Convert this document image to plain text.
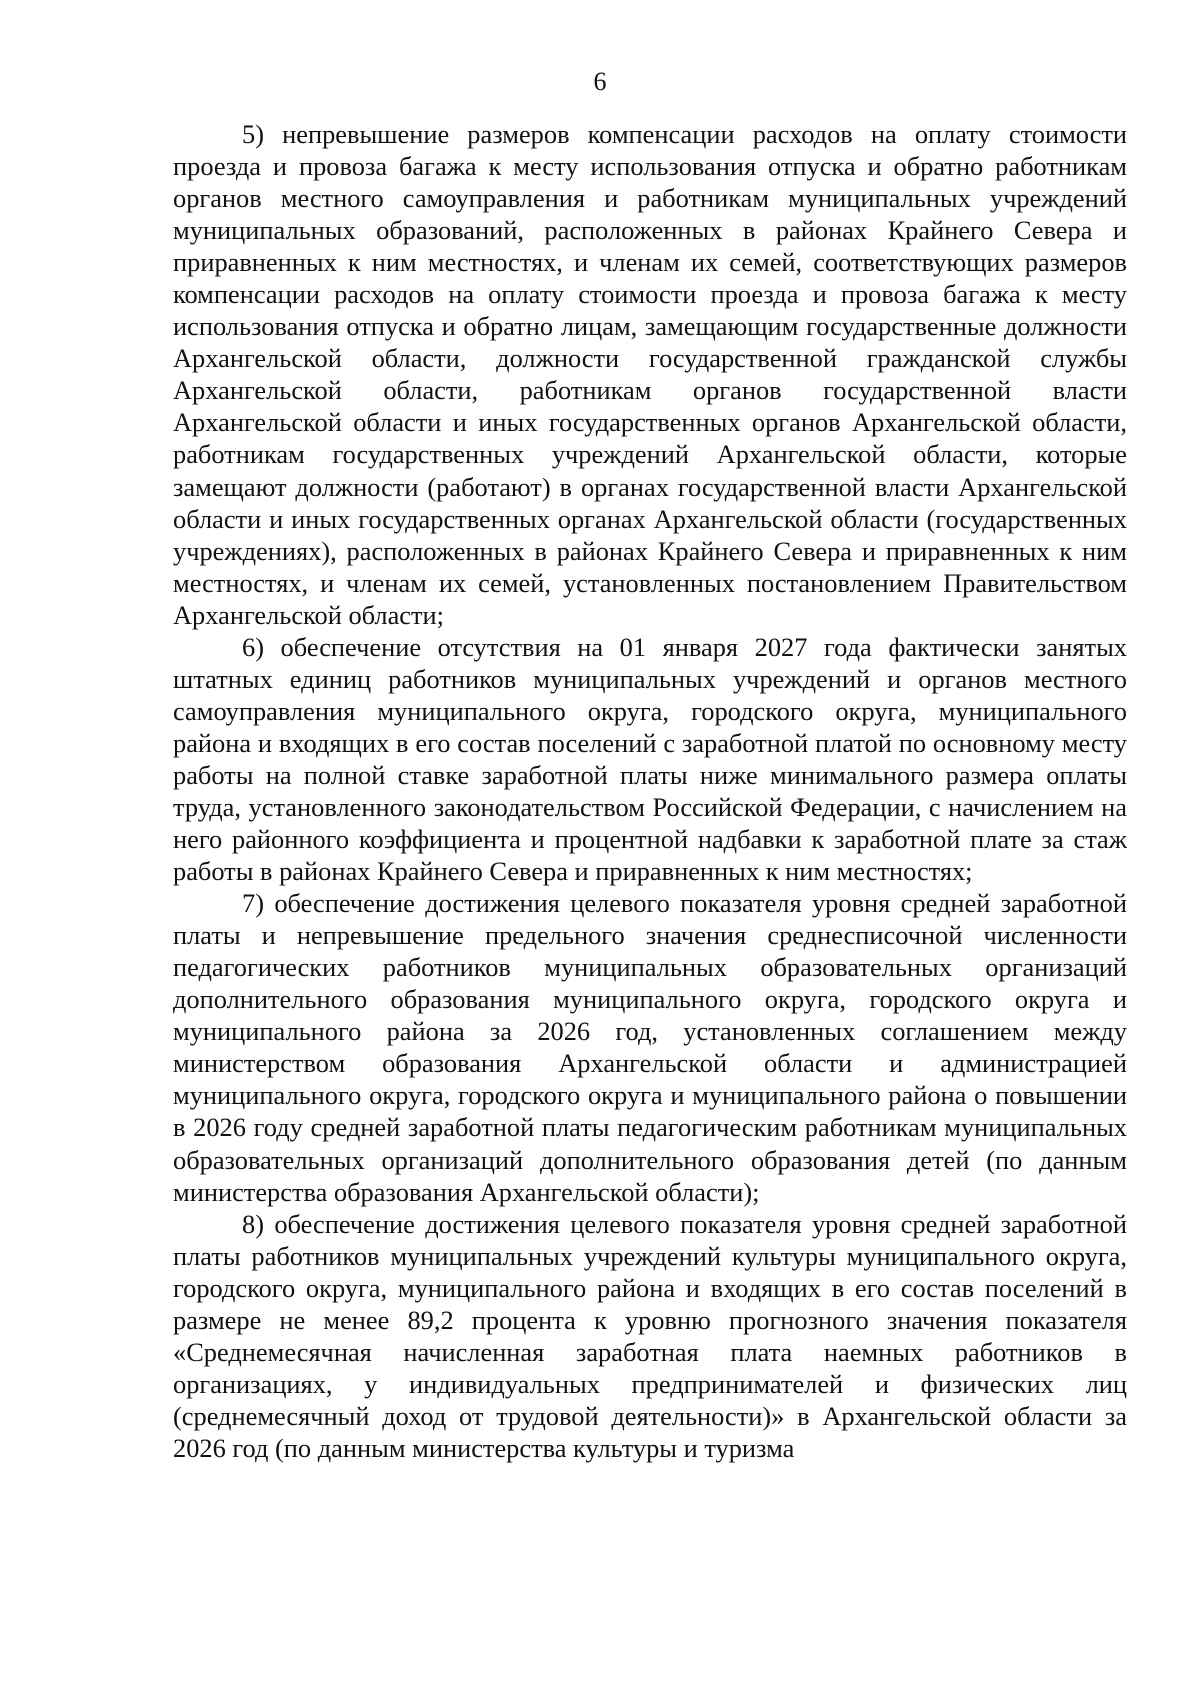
6

5) непревышение размеров компенсации расходов на оплату стоимости проезда и провоза багажа к месту использования отпуска и обратно работникам органов местного самоуправления и работникам муниципальных учреждений муниципальных образований, расположенных в районах Крайнего Севера и приравненных к ним местностях, и членам их семей, соответствующих размеров компенсации расходов на оплату стоимости проезда и провоза багажа к месту использования отпуска и обратно лицам, замещающим государственные должности Архангельской области, должности государственной гражданской службы Архангельской области, работникам органов государственной власти Архангельской области и иных государственных органов Архангельской области, работникам государственных учреждений Архангельской области, которые замещают должности (работают) в органах государственной власти Архангельской области и иных государственных органах Архангельской области (государственных учреждениях), расположенных в районах Крайнего Севера и приравненных к ним местностях, и членам их семей, установленных постановлением Правительством Архангельской области;

6) обеспечение отсутствия на 01 января 2027 года фактически занятых штатных единиц работников муниципальных учреждений и органов местного самоуправления муниципального округа, городского округа, муниципального района и входящих в его состав поселений с заработной платой по основному месту работы на полной ставке заработной платы ниже минимального размера оплаты труда, установленного законодательством Российской Федерации, с начислением на него районного коэффициента и процентной надбавки к заработной плате за стаж работы в районах Крайнего Севера и приравненных к ним местностях;

7) обеспечение достижения целевого показателя уровня средней заработной платы и непревышение предельного значения среднесписочной численности педагогических работников муниципальных образовательных организаций дополнительного образования муниципального округа, городского округа и муниципального района за 2026 год, установленных соглашением между министерством образования Архангельской области и администрацией муниципального округа, городского округа и муниципального района о повышении в 2026 году средней заработной платы педагогическим работникам муниципальных образовательных организаций дополнительного образования детей (по данным министерства образования Архангельской области);

8) обеспечение достижения целевого показателя уровня средней заработной платы работников муниципальных учреждений культуры муниципального округа, городского округа, муниципального района и входящих в его состав поселений в размере не менее 89,2 процента к уровню прогнозного значения показателя «Среднемесячная начисленная заработная плата наемных работников в организациях, у индивидуальных предпринимателей и физических лиц (среднемесячный доход от трудовой деятельности)» в Архангельской области за 2026 год (по данным министерства культуры и туризма
